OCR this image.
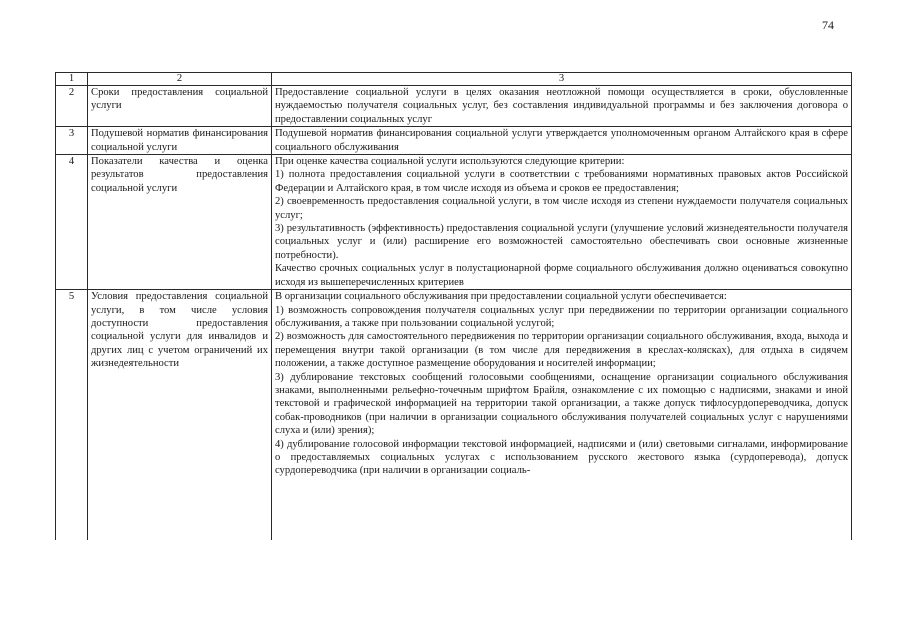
74
1	2	3
2	Сроки предоставления социальной услуги	Предоставление социальной услуги в целях оказания неотложной помощи осуществляется в сроки, обусловленные нуждаемостью получателя социальных услуг, без составления индивидуальной программы и без заключения договора о предоставлении социальных услуг

3	Подушевой норматив финансирования социальной услуги	Подушевой норматив финансирования социальной услуги утверждается уполномоченным органом Алтайского края в сфере социального обслуживания

4	Показатели качества и оценка результатов предоставления социальной услуги	При оценке качества социальной услуги используются следующие критерии:

1) полнота предоставления социальной услуги в соответствии с требованиями нормативных правовых актов Российской Федерации и Алтайского края, в том числе исходя из объема и сроков ее предоставления;

2) своевременность предоставления социальной услуги, в том числе исходя из степени нуждаемости получателя социальных услуг;

3) результативность (эффективность) предоставления социальной услуги (улучшение условий жизнедеятельности получателя социальных услуг и (или) расширение его возможностей самостоятельно обеспечивать свои основные жизненные потребности).

Качество срочных социальных услуг в полустационарной форме социального обслуживания должно оцениваться совокупно исходя из вышеперечисленных критериев

5	Условия предоставления социальной услуги, в том числе условия доступности предоставления социальной услуги для инвалидов и других лиц с учетом ограничений их жизнедеятельности	В организации социального обслуживания при предоставлении социальной услуги обеспечивается:

1) возможность сопровождения получателя социальных услуг при передвижении по территории организации социального обслуживания, а также при пользовании социальной услугой;

2) возможность для самостоятельного передвижения по территории организации социального обслуживания, входа, выхода и перемещения внутри такой организации (в том числе для передвижения в креслах-колясках), для отдыха в сидячем положении, а также доступное размещение оборудования и носителей информации;

3) дублирование текстовых сообщений голосовыми сообщениями, оснащение организации социального обслуживания знаками, выполненными рельефно-точечным шрифтом Брайля, ознакомление с их помощью с надписями, знаками и иной текстовой и графической информацией на территории такой организации, а также допуск тифлосурдопереводчика, допуск собак-проводников (при наличии в организации социального обслуживания получателей социальных услуг с нарушениями слуха и (или) зрения);

4) дублирование голосовой информации текстовой информацией, надписями и (или) световыми сигналами, информирование о предоставляемых социальных услугах с использованием русского жестового языка (сурдоперевода), допуск сурдопереводчика (при наличии в организации социаль-
